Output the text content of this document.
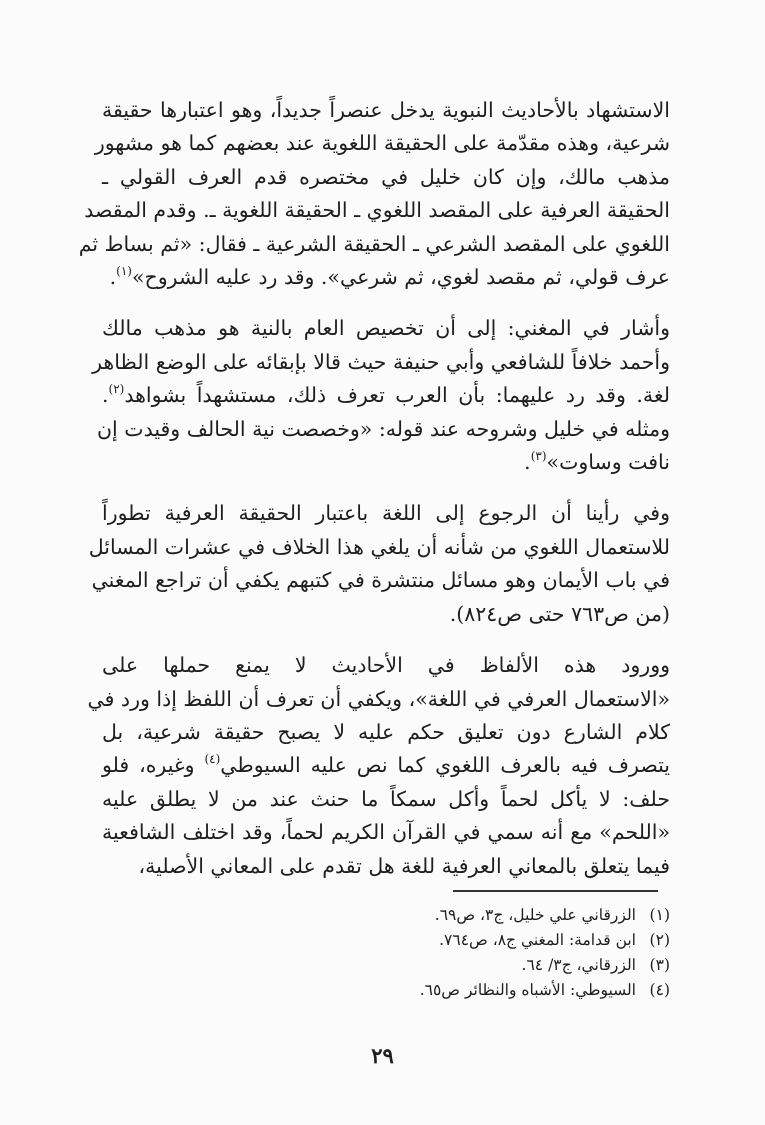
الاستشهاد بالأحاديث النبوية يدخل عنصراً جديداً، وهو اعتبارها حقيقة
شرعية، وهذه مقدّمة على الحقيقة اللغوية عند بعضهم كما هو مشهور
مذهب مالك، وإن كان خليل في مختصره قدم العرف القولي ـ
الحقيقة العرفية على المقصد اللغوي ـ الحقيقة اللغوية ـ. وقدم المقصد
اللغوي على المقصد الشرعي ـ الحقيقة الشرعية ـ فقال: «ثم بساط ثم
عرف قولي، ثم مقصد لغوي، ثم شرعي». وقد رد عليه الشروح»$^{(١)}$.

وأشار في المغني: إلى أن تخصيص العام بالنية هو مذهب مالك
وأحمد خلافاً للشافعي وأبي حنيفة حيث قالا بإبقائه على الوضع الظاهر
لغة. وقد رد عليهما: بأن العرب تعرف ذلك، مستشهداً بشواهد$^{(٢)}$.
ومثله في خليل وشروحه عند قوله: «وخصصت نية الحالف وقيدت إن
نافت وساوت»$^{(٣)}$.

وفي رأينا أن الرجوع إلى اللغة باعتبار الحقيقة العرفية تطوراً
للاستعمال اللغوي من شأنه أن يلغي هذا الخلاف في عشرات المسائل
في باب الأيمان وهو مسائل منتشرة في كتبهم يكفي أن تراجع المغني
(من ص٧٦٣ حتى ص٨٢٤).

وورود هذه الألفاظ في الأحاديث لا يمنع حملها على
«الاستعمال العرفي في اللغة»، ويكفي أن تعرف أن اللفظ إذا ورد في
كلام الشارع دون تعليق حكم عليه لا يصبح حقيقة شرعية، بل
يتصرف فيه بالعرف اللغوي كما نص عليه السيوطي$^{(٤)}$ وغيره، فلو
حلف: لا يأكل لحماً وأكل سمكاً ما حنث عند من لا يطلق عليه
«اللحم» مع أنه سمي في القرآن الكريم لحماً، وقد اختلف الشافعية
فيما يتعلق بالمعاني العرفية للغة هل تقدم على المعاني الأصلية،

(١)الزرقاني علي خليل، ج٣، ص٦٩.
(٢)ابن قدامة: المغني ج٨، ص٧٦٤.
(٣)الزرقاني، ج٣/ ٦٤.
(٤)السيوطي: الأشباه والنظائر ص٦٥.
٢٩
